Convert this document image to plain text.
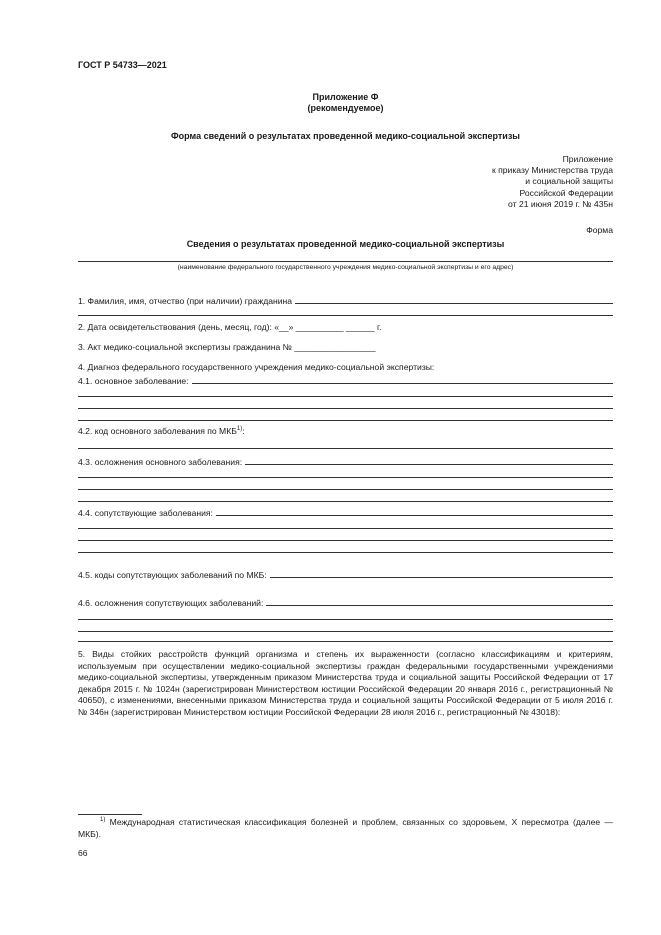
ГОСТ Р 54733—2021
Приложение Ф
(рекомендуемое)
Форма сведений о результатах проведенной медико-социальной экспертизы
Приложение
к приказу Министерства труда
и социальной защиты
Российской Федерации
от 21 июня 2019 г. № 435н
Форма
Сведения о результатах проведенной медико-социальной экспертизы
(наименование федерального государственного учреждения медико-социальной экспертизы и его адрес)
1. Фамилия, имя, отчество (при наличии) гражданина
2. Дата освидетельствования (день, месяц, год): «__» __________ ______ г.
3. Акт медико-социальной экспертизы гражданина № _________________
4. Диагноз федерального государственного учреждения медико-социальной экспертизы:
4.1. основное заболевание:
4.2. код основного заболевания по МКБ$^{1)}$:
4.3. осложнения основного заболевания:
4.4. сопутствующие заболевания:
4.5. коды сопутствующих заболеваний по МКБ:
4.6. осложнения сопутствующих заболеваний:
5. Виды стойких расстройств функций организма и степень их выраженности (согласно классификациям и критериям, используемым при осуществлении медико-социальной экспертизы граждан федеральными государственными учреждениями медико-социальной экспертизы, утвержденным приказом Министерства труда и социальной защиты Российской Федерации от 17 декабря 2015 г. № 1024н (зарегистрирован Министерством юстиции Российской Федерации 20 января 2016 г., регистрационный № 40650), с изменениями, внесенными приказом Министерства труда и социальной защиты Российской Федерации от 5 июля 2016 г. № 346н (зарегистрирован Министерством юстиции Российской Федерации 28 июля 2016 г., регистрационный № 43018):
$^{1)}$ Международная статистическая классификация болезней и проблем, связанных со здоровьем, X пересмотра (далее — МКБ).
66
